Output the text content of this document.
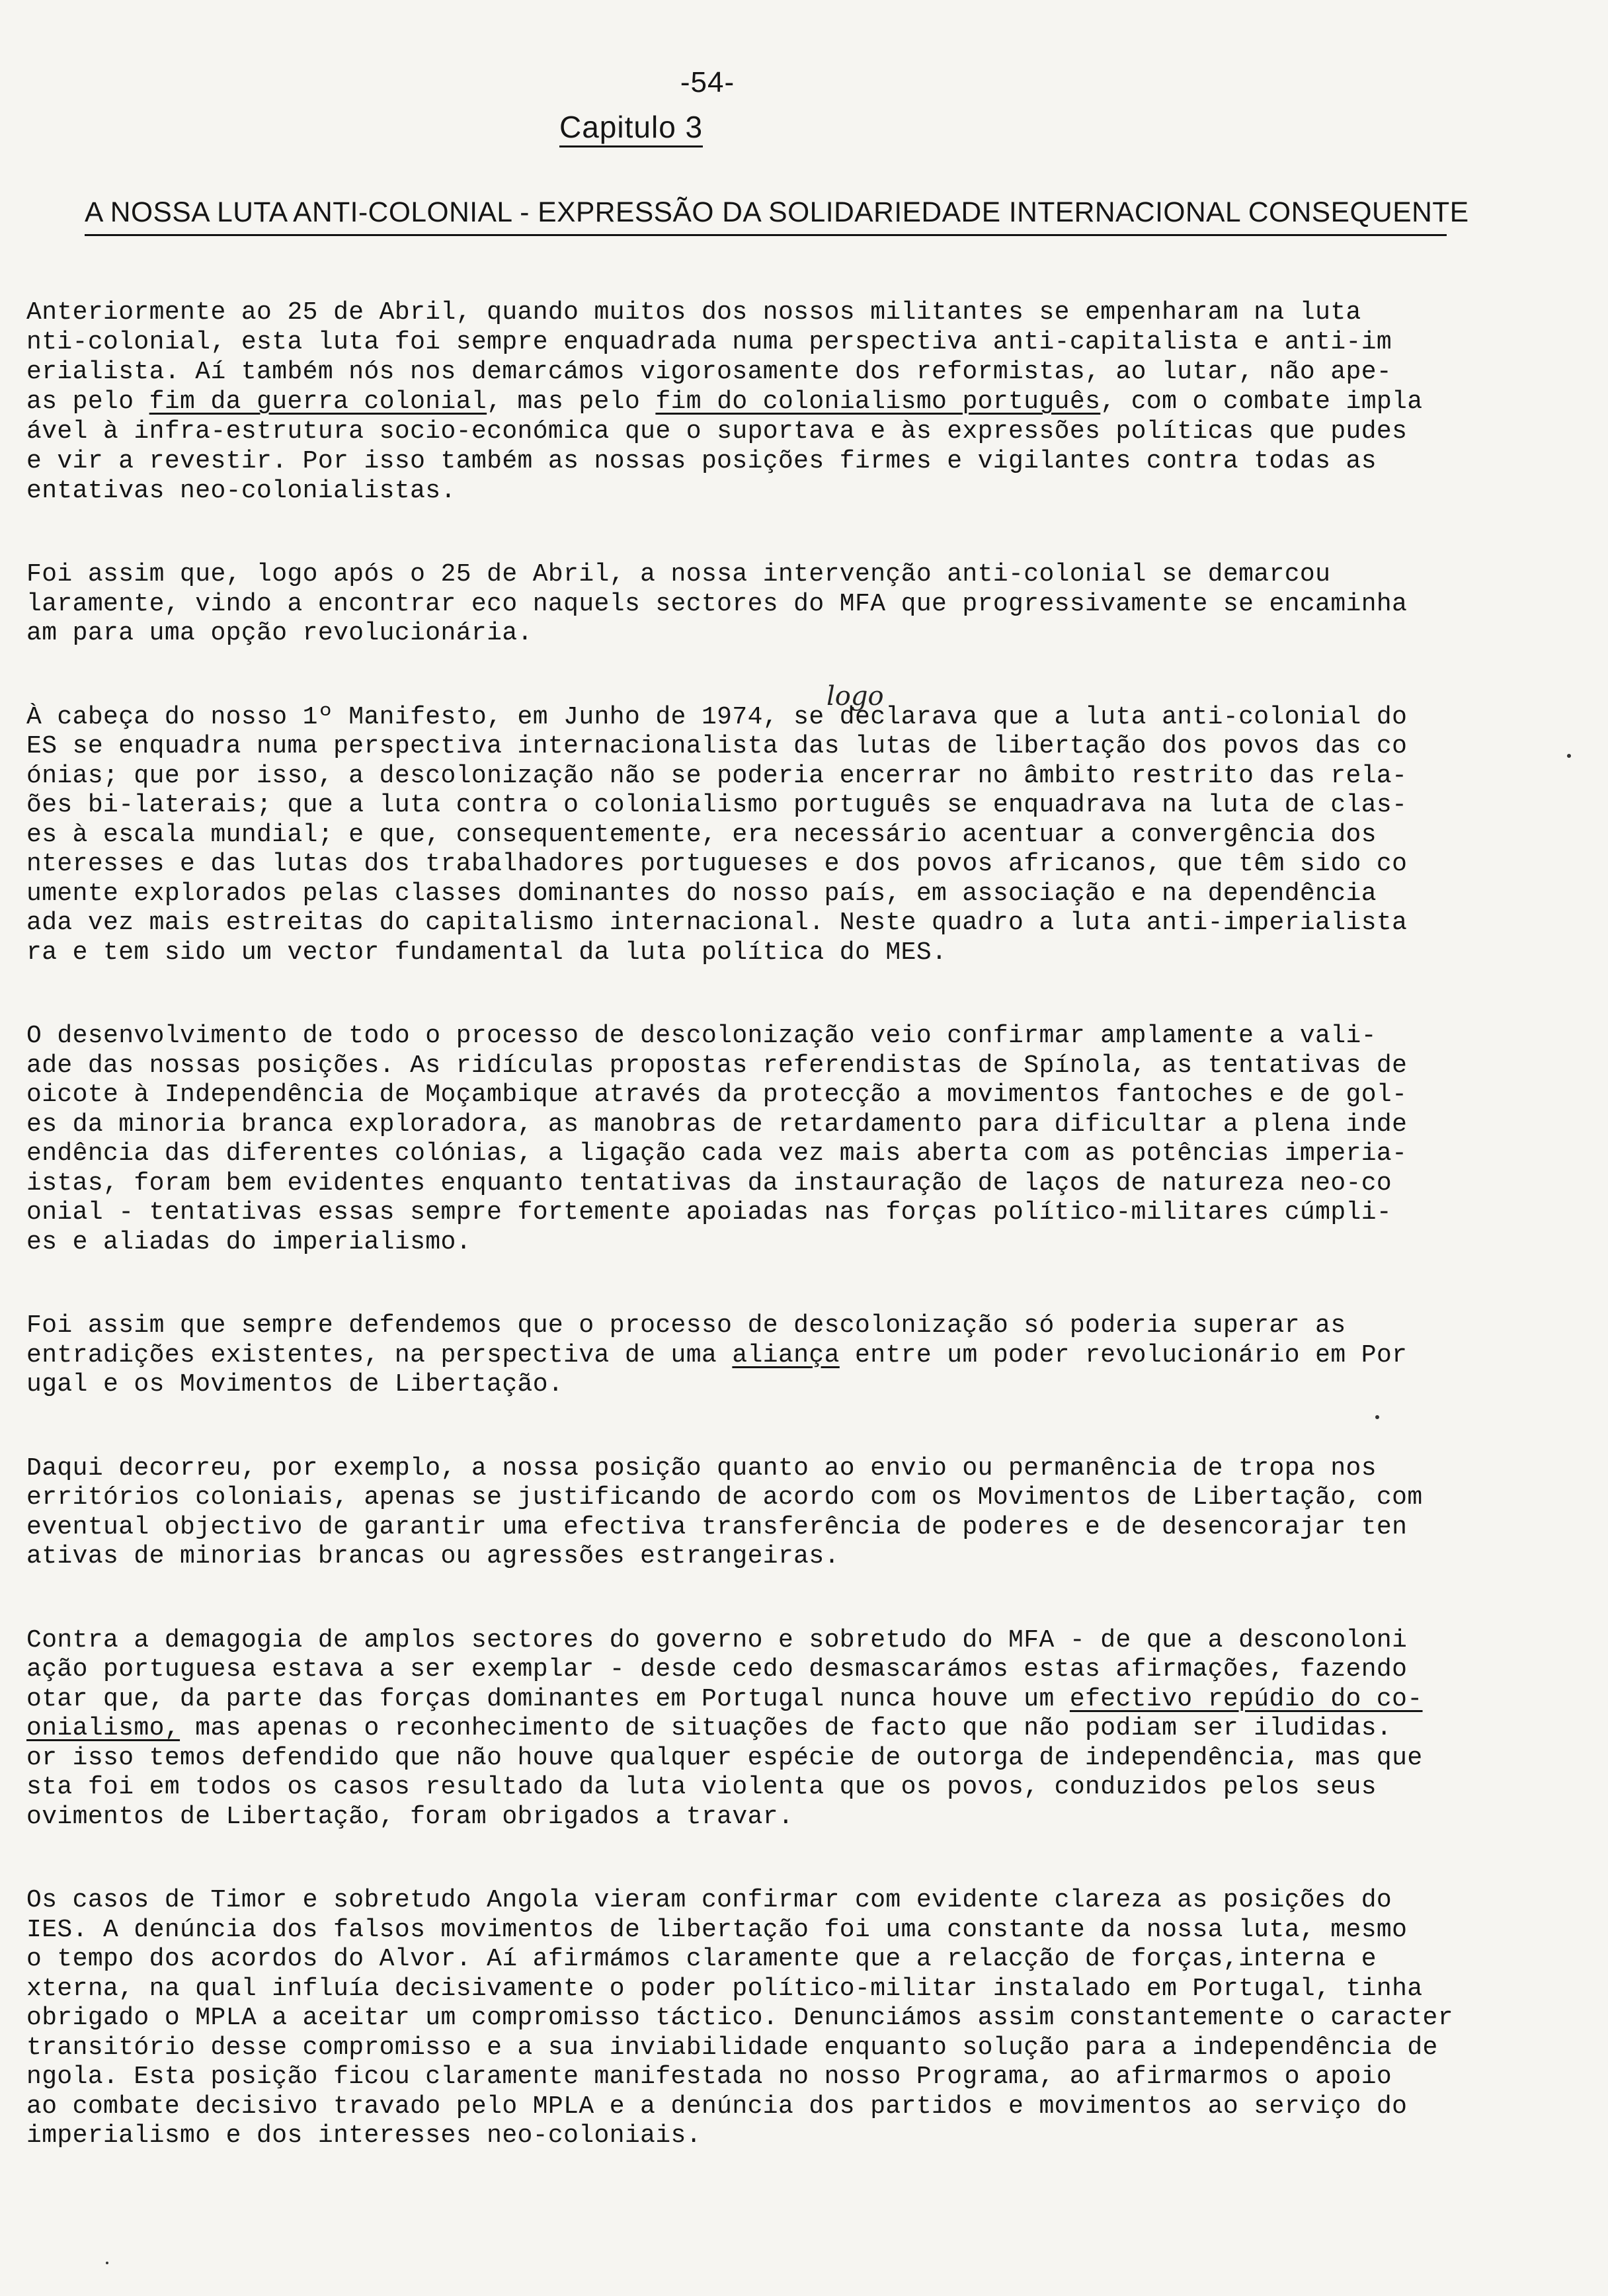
-54-
Capitulo 3
A NOSSA LUTA ANTI-COLONIAL - EXPRESSÃO DA SOLIDARIEDADE INTERNACIONAL CONSEQUENTE
logo
Anteriormente ao 25 de Abril, quando muitos dos nossos militantes se empenharam na luta
nti-colonial, esta luta foi sempre enquadrada numa perspectiva anti-capitalista e anti-im
erialista. Aí também nós nos demarcámos vigorosamente dos reformistas, ao lutar, não ape-
as pelo fim da guerra colonial, mas pelo fim do colonialismo português, com o combate impla
ável à infra-estrutura socio-económica que o suportava e às expressões políticas que pudes
e vir a revestir. Por isso também as nossas posições firmes e vigilantes contra todas as
entativas neo-colonialistas.
Foi assim que, logo após o 25 de Abril, a nossa intervenção anti-colonial se demarcou
laramente, vindo a encontrar eco naquels sectores do MFA que progressivamente se encaminha
am para uma opção revolucionária.
À cabeça do nosso 1º Manifesto, em Junho de 1974, se declarava que a luta anti-colonial do
ES se enquadra numa perspectiva internacionalista das lutas de libertação dos povos das co
ónias; que por isso, a descolonização não se poderia encerrar no âmbito restrito das rela-
ões bi-laterais; que a luta contra o colonialismo português se enquadrava na luta de clas-
es à escala mundial; e que, consequentemente, era necessário acentuar a convergência dos
nteresses e das lutas dos trabalhadores portugueses e dos povos africanos, que têm sido co
umente explorados pelas classes dominantes do nosso país, em associação e na dependência
ada vez mais estreitas do capitalismo internacional. Neste quadro a luta anti-imperialista
ra e tem sido um vector fundamental da luta política do MES.
O desenvolvimento de todo o processo de descolonização veio confirmar amplamente a vali-
ade das nossas posições. As ridículas propostas referendistas de Spínola, as tentativas de
oicote à Independência de Moçambique através da protecção a movimentos fantoches e de gol-
es da minoria branca exploradora, as manobras de retardamento para dificultar a plena inde
endência das diferentes colónias, a ligação cada vez mais aberta com as potências imperia-
istas, foram bem evidentes enquanto tentativas da instauração de laços de natureza neo-co
onial - tentativas essas sempre fortemente apoiadas nas forças político-militares cúmpli-
es e aliadas do imperialismo.
Foi assim que sempre defendemos que o processo de descolonização só poderia superar as
entradições existentes, na perspectiva de uma aliança entre um poder revolucionário em Por
ugal e os Movimentos de Libertação.
Daqui decorreu, por exemplo, a nossa posição quanto ao envio ou permanência de tropa nos
erritórios coloniais, apenas se justificando de acordo com os Movimentos de Libertação, com
eventual objectivo de garantir uma efectiva transferência de poderes e de desencorajar ten
ativas de minorias brancas ou agressões estrangeiras.
Contra a demagogia de amplos sectores do governo e sobretudo do MFA - de que a desconoloni
ação portuguesa estava a ser exemplar - desde cedo desmascarámos estas afirmações, fazendo
otar que, da parte das forças dominantes em Portugal nunca houve um efectivo repúdio do co-
onialismo, mas apenas o reconhecimento de situações de facto que não podiam ser iludidas.
or isso temos defendido que não houve qualquer espécie de outorga de independência, mas que
sta foi em todos os casos resultado da luta violenta que os povos, conduzidos pelos seus
ovimentos de Libertação, foram obrigados a travar.
Os casos de Timor e sobretudo Angola vieram confirmar com evidente clareza as posições do
IES. A denúncia dos falsos movimentos de libertação foi uma constante da nossa luta, mesmo
o tempo dos acordos do Alvor. Aí afirmámos claramente que a relacção de forças,interna e
xterna, na qual influía decisivamente o poder político-militar instalado em Portugal, tinha
obrigado o MPLA a aceitar um compromisso táctico. Denunciámos assim constantemente o caracter
transitório desse compromisso e a sua inviabilidade enquanto solução para a independência de
ngola. Esta posição ficou claramente manifestada no nosso Programa, ao afirmarmos o apoio
ao combate decisivo travado pelo MPLA e a denúncia dos partidos e movimentos ao serviço do
imperialismo e dos interesses neo-coloniais.
